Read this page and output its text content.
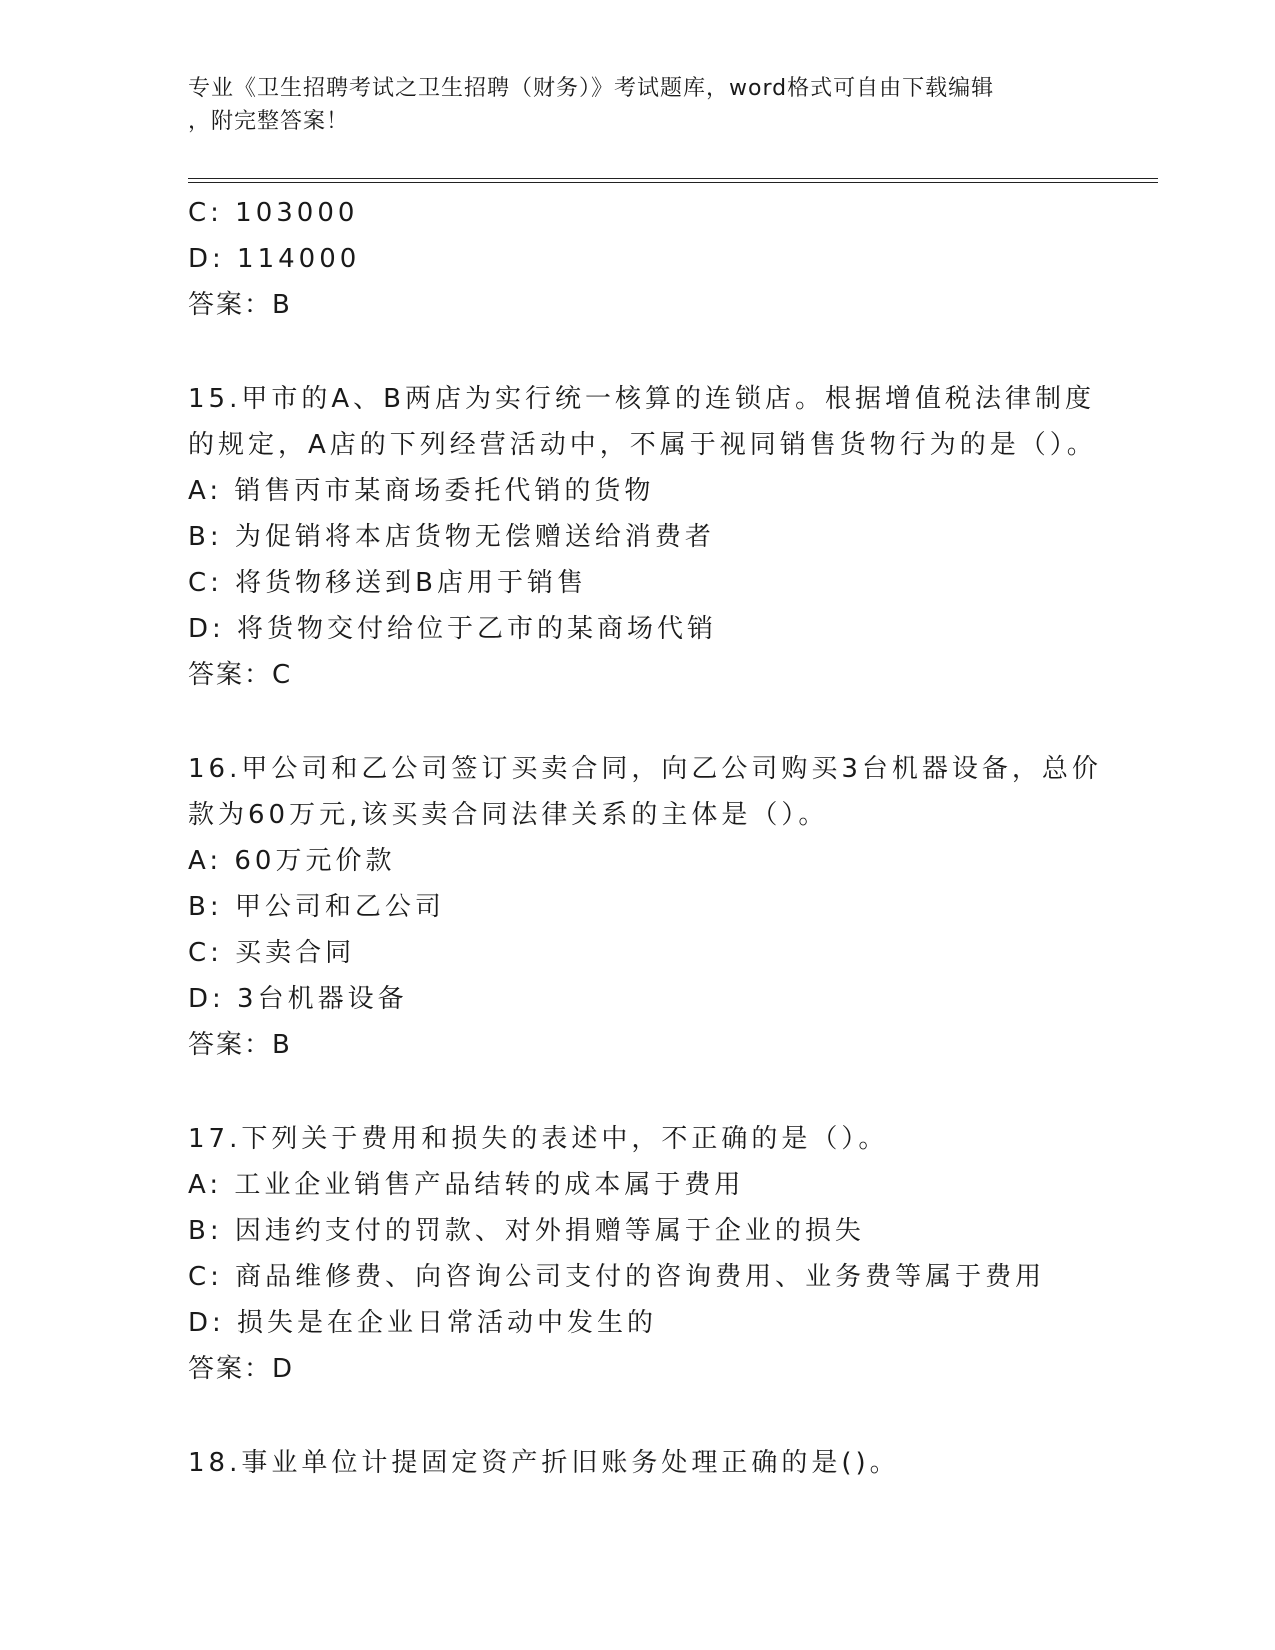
专业《卫生招聘考试之卫生招聘（财务）》考试题库，word格式可自由下载编辑
，附完整答案！
C: 103000
D: 114000
答案：B
15.甲市的A、B两店为实行统一核算的连锁店。根据增值税法律制度
的规定，A店的下列经营活动中，不属于视同销售货物行为的是（）。
A: 销售丙市某商场委托代销的货物
B: 为促销将本店货物无偿赠送给消费者
C: 将货物移送到B店用于销售
D: 将货物交付给位于乙市的某商场代销
答案：C
16.甲公司和乙公司签订买卖合同，向乙公司购买3台机器设备，总价
款为60万元,该买卖合同法律关系的主体是（）。
A: 60万元价款
B: 甲公司和乙公司
C: 买卖合同
D: 3台机器设备
答案：B
17.下列关于费用和损失的表述中，不正确的是（）。
A: 工业企业销售产品结转的成本属于费用
B: 因违约支付的罚款、对外捐赠等属于企业的损失
C: 商品维修费、向咨询公司支付的咨询费用、业务费等属于费用
D: 损失是在企业日常活动中发生的
答案：D
18.事业单位计提固定资产折旧账务处理正确的是()。
